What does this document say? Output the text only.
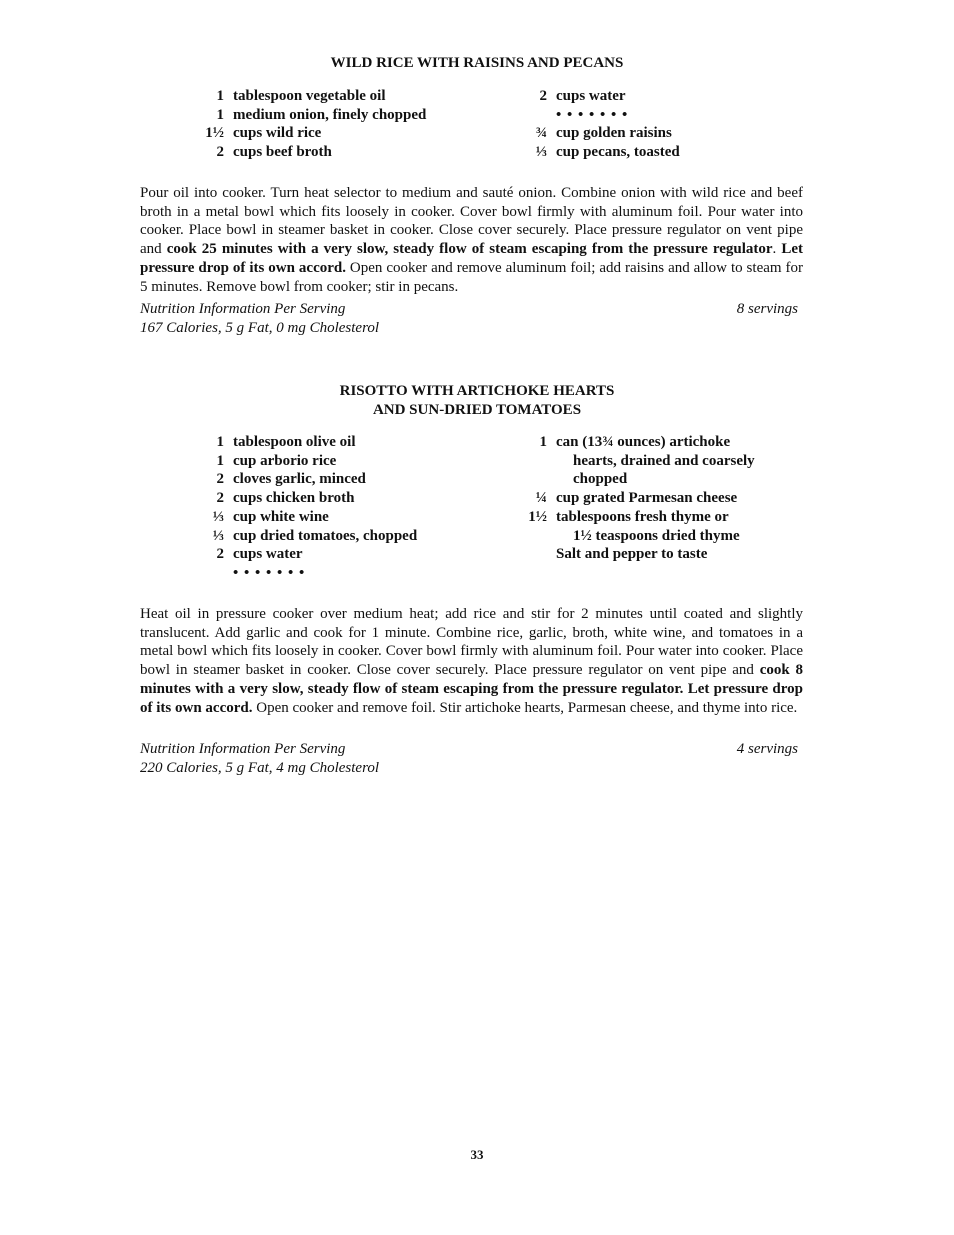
WILD RICE WITH RAISINS AND PECANS
1 tablespoon vegetable oil
1 medium onion, finely chopped
1½ cups wild rice
2 cups beef broth
2 cups water
• • • • • • •
¾ cup golden raisins
⅓ cup pecans, toasted
Pour oil into cooker. Turn heat selector to medium and sauté onion. Combine onion with wild rice and beef broth in a metal bowl which fits loosely in cooker. Cover bowl firmly with aluminum foil. Pour water into cooker. Place bowl in steamer basket in cooker. Close cover securely. Place pressure regulator on vent pipe and cook 25 minutes with a very slow, steady flow of steam escaping from the pressure regulator. Let pressure drop of its own accord. Open cooker and remove aluminum foil; add raisins and allow to steam for 5 minutes. Remove bowl from cooker; stir in pecans.
Nutrition Information Per Serving	8 servings
167 Calories, 5 g Fat, 0 mg Cholesterol
RISOTTO WITH ARTICHOKE HEARTS
AND SUN-DRIED TOMATOES
1 tablespoon olive oil
1 cup arborio rice
2 cloves garlic, minced
2 cups chicken broth
⅓ cup white wine
⅓ cup dried tomatoes, chopped
2 cups water
• • • • • • •
1 can (13¾ ounces) artichoke
hearts, drained and coarsely
chopped
¼ cup grated Parmesan cheese
1½ tablespoons fresh thyme or
1½ teaspoons dried thyme
Salt and pepper to taste
Heat oil in pressure cooker over medium heat; add rice and stir for 2 minutes until coated and slightly translucent. Add garlic and cook for 1 minute. Combine rice, garlic, broth, white wine, and tomatoes in a metal bowl which fits loosely in cooker. Cover bowl firmly with aluminum foil. Pour water into cooker. Place bowl in steamer basket in cooker. Close cover securely. Place pressure regulator on vent pipe and cook 8 minutes with a very slow, steady flow of steam escaping from the pressure regulator. Let pressure drop of its own accord. Open cooker and remove foil. Stir artichoke hearts, Parmesan cheese, and thyme into rice.
Nutrition Information Per Serving	4 servings
220 Calories, 5 g Fat, 4 mg Cholesterol
33
